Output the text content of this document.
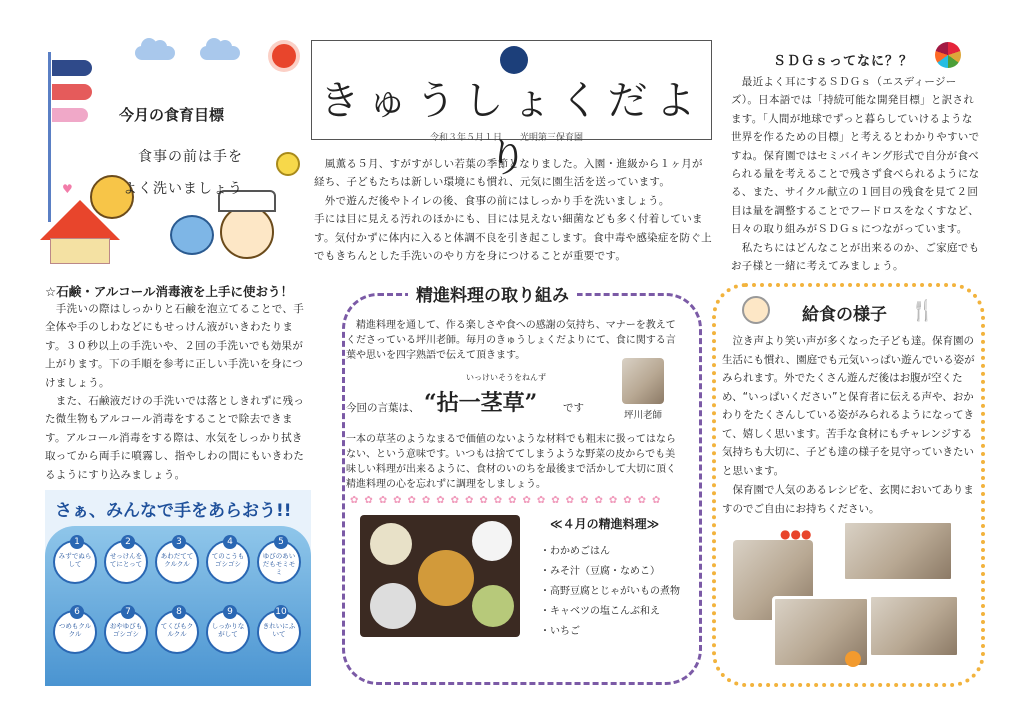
♥
今月の食育目標
食事の前は手を
よく洗いましょう
きゅうしょくだより
令和３年５月１日　　光明第三保育園
　風薫る５月、すがすがしい若葉の季節となりました。入園・進級から１ヶ月が経ち、子どもたちは新しい環境にも慣れ、元気に園生活を送っています。
　外で遊んだ後やトイレの後、食事の前にはしっかり手を洗いましょう。
手には目に見える汚れのほかにも、目には見えない細菌なども多く付着しています。気付かずに体内に入ると体調不良を引き起こします。食中毒や感染症を防ぐ上でもきちんとした手洗いのやり方を身につけることが重要です。
☆石鹸・アルコール消毒液を上手に使おう！
　手洗いの際はしっかりと石鹸を泡立てることで、手全体や手のしわなどにもせっけん液がいきわたります。３０秒以上の手洗いや、２回の手洗いでも効果が上がります。下の手順を参考に正しい手洗いを身につけましょう。
　また、石鹸液だけの手洗いでは落としきれずに残った微生物もアルコール消毒をすることで除去できます。アルコール消毒をする際は、水気をしっかり拭き取ってから両手に噴霧し、指やしわの間にもいきわたるようにすり込みましょう。
さぁ、みんなで手をあらおう!!
1
みずでぬらして
2
せっけんをてにとって
3
あわだててクルクル
4
てのこうもゴシゴシ
5
ゆびのあいだもモミモミ
6
つめもクルクル
7
おやゆびもゴシゴシ
8
てくびもクルクル
9
しっかりながして
10
きれいにふいて
精進料理の取り組み
　精進料理を通して、作る楽しさや食への感謝の気持ち、マナーを教えてくださっている坪川老師。毎月のきゅうしょくだよりにて、食に関する言葉や思いを四字熟語で伝えて頂きます。
いっけいそうをねんず
今回の言葉は、 “拈一茎草” です
坪川老師
一本の草茎のようなまるで価値のないような材料でも粗末に扱ってはならない、という意味です。いつもは捨ててしまうような野菜の皮からでも美味しい料理が出来るように、食材のいのちを最後まで活かして大切に頂く精進料理の心を忘れずに調理をしましょう。
✿✿✿✿✿✿✿✿✿✿✿✿✿✿✿✿✿✿✿✿✿✿
≪４月の精進料理≫
・わかめごはん
・みそ汁（豆腐・なめこ）
・高野豆腐とじゃがいもの煮物
・キャベツの塩こんぶ和え
・いちご
ＳＤＧｓってなに？？
　最近よく耳にするＳＤＧｓ（エスディージーズ）。日本語では「持続可能な開発目標」と訳されます。「人間が地球でずっと暮らしていけるような世界を作るための目標」と考えるとわかりやすいですね。保育園ではセミバイキング形式で自分が食べられる量を考えることで残さず食べられるようになる、また、サイクル献立の１回目の残食を見て２回目は量を調整することでフードロスをなくすなど、日々の取り組みがＳＤＧｓにつながっています。
　私たちにはどんなことが出来るのか、ご家庭でもお子様と一緒に考えてみましょう。
給食の様子 🍴
　泣き声より笑い声が多くなった子ども達。保育園の生活にも慣れ、園庭でも元気いっぱい遊んでいる姿がみられます。外でたくさん遊んだ後はお腹が空くため、“いっぱいください”と保育者に伝える声や、おかわりをたくさんしている姿がみられるようになってきて、嬉しく思います。苦手な食材にもチャレンジする気持ちも大切に、子ども達の様子を見守っていきたいと思います。
　保育園で人気のあるレシピを、玄関においてありますのでご自由にお持ちください。
●●●
